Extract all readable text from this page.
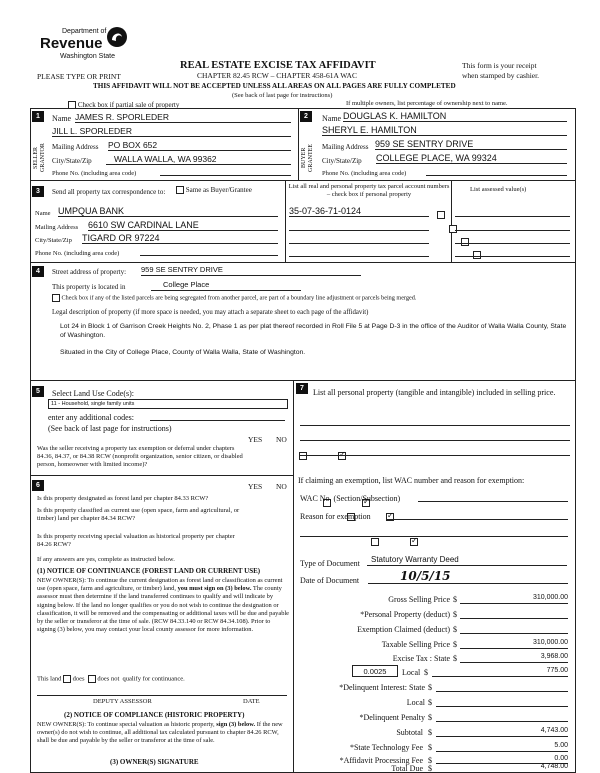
Department of
Revenue
Washington State
REAL ESTATE EXCISE TAX AFFIDAVIT
CHAPTER 82.45 RCW – CHAPTER 458-61A WAC
PLEASE TYPE OR PRINT
This form is your receipt
when stamped by cashier.
THIS AFFIDAVIT WILL NOT BE ACCEPTED UNLESS ALL AREAS ON ALL PAGES ARE FULLY COMPLETED
(See back of last page for instructions)
Check box if partial sale of property	If multiple owners, list percentage of ownership next to name.
1
SELLER GRANTOR
Name JAMES R. SPORLEDER
JILL L. SPORLEDER
Mailing Address PO BOX 652
City/State/Zip	WALLA WALLA, WA 99362
Phone No. (including area code)
2
BUYER GRANTEE
Name DOUGLAS K. HAMILTON
SHERYL E. HAMILTON
Mailing Address 959 SE SENTRY DRIVE
City/State/Zip COLLEGE PLACE, WA 99324
Phone No. (including area code)
3	Send all property tax correspondence to:	Same as Buyer/Grantee
Name UMPQUA BANK
Mailing Address 6610 SW CARDINAL LANE
City/State/Zip TIGARD OR 97224
Phone No. (including area code)
List all real and personal property tax parcel account numbers – check box if personal property
List assessed value(s)
35-07-36-71-0124

4	Street address of property: 959 SE SENTRY DRIVE
This property is located in	College Place
Check box if any of the listed parcels are being segregated from another parcel, are part of a boundary line adjustment or parcels being merged.
Legal description of property (if more space is needed, you may attach a separate sheet to each page of the affidavit)
Lot 24 in Block 1 of Garrison Creek Heights No. 2, Phase 1 as per plat thereof recorded in Roll File 5 at Page D-3 in the office of the Auditor of Walla Walla County, State of Washington.
Situated in the City of College Place, County of Walla Walla, State of Washington.
5	Select Land Use Code(s):
11 - Household, single family units
enter any additional codes:
(See back of last page for instructions)
YES NO
Was the seller receiving a property tax exemption or deferral under chapters 84.36, 84.37, or 84.38 RCW (nonprofit organization, senior citizen, or disabled person, homeowner with limited income)?
✓
6	YES NO
Is this property designated as forest land per chapter 84.33 RCW?
✓
Is this property classified as current use (open space, farm and agricultural, or timber) land per chapter 84.34 RCW?
✓
Is this property receiving special valuation as historical property per chapter 84.26 RCW?
✓
If any answers are yes, complete as instructed below.
(1) NOTICE OF CONTINUANCE (FOREST LAND OR CURRENT USE)
NEW OWNER(S): To continue the current designation as forest land or classification as current use (open space, farm and agriculture, or timber) land, you must sign on (3) below. The county assessor must then determine if the land transferred continues to qualify and will indicate by signing below. If the land no longer qualifies or you do not wish to continue the designation or classification, it will be removed and the compensating or additional taxes will be due and payable by the seller or transferor at the time of sale. (RCW 84.33.140 or RCW 84.34.108). Prior to signing (3) below, you may contact your local county assessor for more information.
This land does does not qualify for continuance.
DEPUTY ASSESSOR	DATE
(2) NOTICE OF COMPLIANCE (HISTORIC PROPERTY)
NEW OWNER(S): To continue special valuation as historic property, sign (3) below. If the new owner(s) do not wish to continue, all additional tax calculated pursuant to chapter 84.26 RCW, shall be due and payable by the seller or transferor at the time of sale.
(3) OWNER(S) SIGNATURE
7	List all personal property (tangible and intangible) included in selling price.
If claiming an exemption, list WAC number and reason for exemption:
WAC No. (Section/Subsection)
Reason for exemption
Type of Document	Statutory Warranty Deed
Date of Document	10/5/15
Gross Selling Price $	310,000.00
*Personal Property (deduct) $
Exemption Claimed (deduct) $
Taxable Selling Price $	310,000.00
Excise Tax : State $	3,968.00
0.0025	Local $	775.00
*Delinquent Interest: State $
Local $
*Delinquent Penalty $
Subtotal $	4,743.00
*State Technology Fee $	5.00
*Affidavit Processing Fee $	0.00
Total Due $	4,748.00
